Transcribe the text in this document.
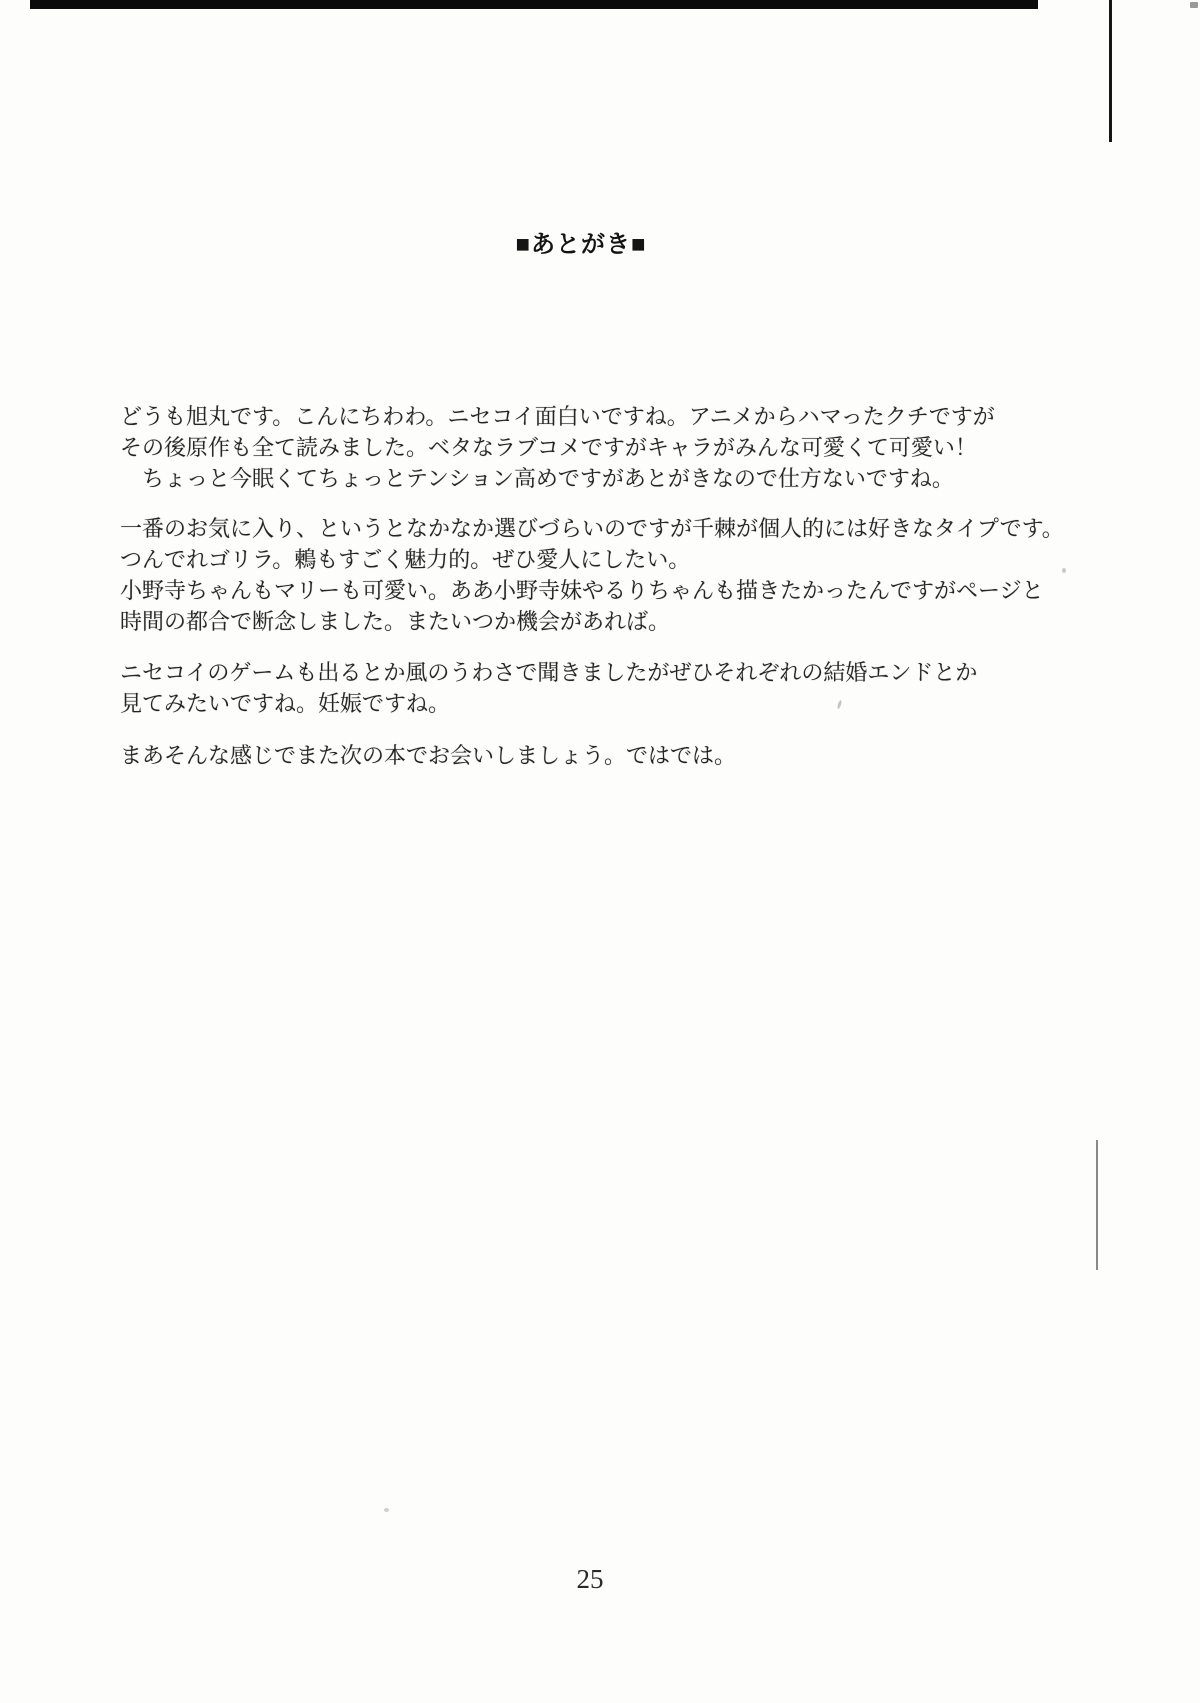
■あとがき■
どうも旭丸です。こんにちわわ。ニセコイ面白いですね。アニメからハマったクチですが
その後原作も全て読みました。ベタなラブコメですがキャラがみんな可愛くて可愛い！
　ちょっと今眠くてちょっとテンション高めですがあとがきなので仕方ないですね。
一番のお気に入り、というとなかなか選びづらいのですが千棘が個人的には好きなタイプです。
つんでれゴリラ。鶫もすごく魅力的。ぜひ愛人にしたい。
小野寺ちゃんもマリーも可愛い。ああ小野寺妹やるりちゃんも描きたかったんですがページと
時間の都合で断念しました。またいつか機会があれば。
ニセコイのゲームも出るとか風のうわさで聞きましたがぜひそれぞれの結婚エンドとか
見てみたいですね。妊娠ですね。
まあそんな感じでまた次の本でお会いしましょう。ではでは。
25
